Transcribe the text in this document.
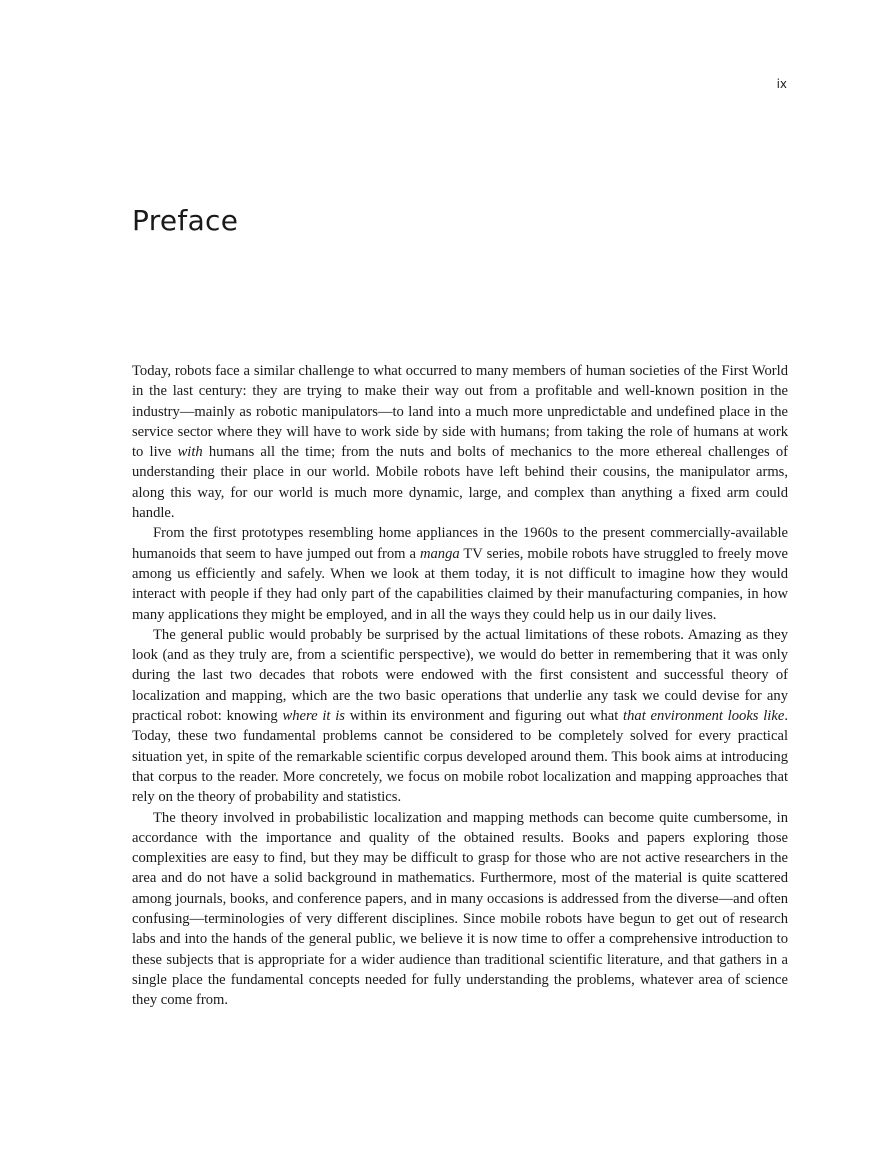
ix
Preface

Today, robots face a similar challenge to what occurred to many members of human societies of the First World in the last century: they are trying to make their way out from a profitable and well-known position in the industry—mainly as robotic manipulators—to land into a much more unpredictable and undefined place in the service sector where they will have to work side by side with humans; from taking the role of humans at work to live with humans all the time; from the nuts and bolts of mechanics to the more ethereal challenges of understanding their place in our world. Mobile robots have left behind their cousins, the manipulator arms, along this way, for our world is much more dynamic, large, and complex than anything a fixed arm could handle.

From the first prototypes resembling home appliances in the 1960s to the present commercially-available humanoids that seem to have jumped out from a manga TV series, mobile robots have struggled to freely move among us efficiently and safely. When we look at them today, it is not difficult to imagine how they would interact with people if they had only part of the capabilities claimed by their manufacturing companies, in how many applications they might be employed, and in all the ways they could help us in our daily lives.

The general public would probably be surprised by the actual limitations of these robots. Amazing as they look (and as they truly are, from a scientific perspective), we would do better in remembering that it was only during the last two decades that robots were endowed with the first consistent and successful theory of localization and mapping, which are the two basic operations that underlie any task we could devise for any practical robot: knowing where it is within its environment and figuring out what that environment looks like. Today, these two fundamental problems cannot be considered to be completely solved for every practical situation yet, in spite of the remarkable scientific corpus developed around them. This book aims at introducing that corpus to the reader. More concretely, we focus on mobile robot localization and mapping approaches that rely on the theory of probability and statistics.

The theory involved in probabilistic localization and mapping methods can become quite cumbersome, in accordance with the importance and quality of the obtained results. Books and papers exploring those complexities are easy to find, but they may be difficult to grasp for those who are not active researchers in the area and do not have a solid background in mathematics. Furthermore, most of the material is quite scattered among journals, books, and conference papers, and in many occasions is addressed from the diverse—and often confusing—terminologies of very different disciplines. Since mobile robots have begun to get out of research labs and into the hands of the general public, we believe it is now time to offer a comprehensive introduction to these subjects that is appropriate for a wider audience than traditional scientific literature, and that gathers in a single place the fundamental concepts needed for fully understanding the problems, whatever area of science they come from.
